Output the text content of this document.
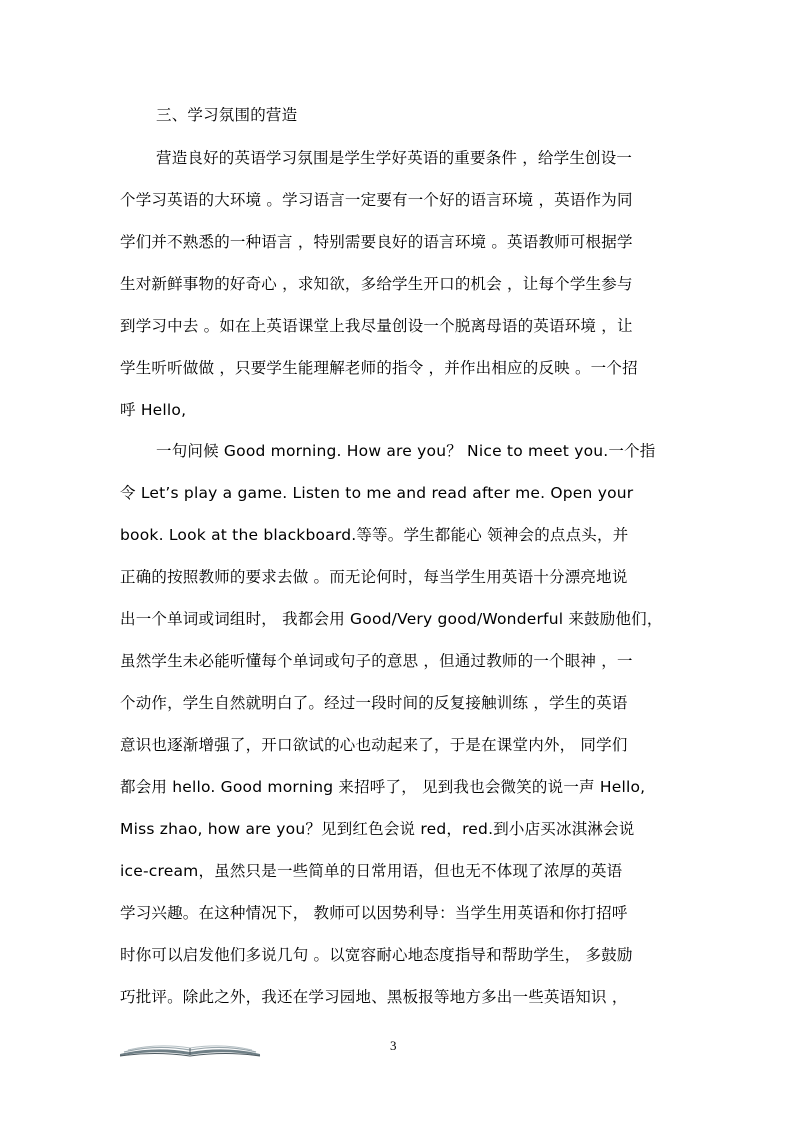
三、学习氛围的营造
营造良好的英语学习氛围是学生学好英语的重要条件 ，给学生创设一
个学习英语的大环境 。学习语言一定要有一个好的语言环境 ，英语作为同
学们并不熟悉的一种语言 ，特别需要良好的语言环境 。英语教师可根据学
生对新鲜事物的好奇心 ，求知欲，多给学生开口的机会 ，让每个学生参与
到学习中去 。如在上英语课堂上我尽量创设一个脱离母语的英语环境 ，让
学生听听做做 ，只要学生能理解老师的指令 ，并作出相应的反映 。一个招
呼 Hello,
一句问候 Good morning. How are you？ Nice to meet you.一个指
令 Let’s play a game. Listen to me and read after me. Open your
book. Look at the blackboard.等等。学生都能心 领神会的点点头，并
正确的按照教师的要求去做 。而无论何时，每当学生用英语十分漂亮地说
出一个单词或词组时， 我都会用 Good/Very good/Wonderful 来鼓励他们，
虽然学生未必能听懂每个单词或句子的意思 ，但通过教师的一个眼神 ，一
个动作，学生自然就明白了。经过一段时间的反复接触训练 ，学生的英语
意识也逐渐增强了，开口欲试的心也动起来了，于是在课堂内外， 同学们
都会用 hello. Good morning 来招呼了， 见到我也会微笑的说一声 Hello,
Miss zhao, how are you？见到红色会说 red，red.到小店买冰淇淋会说
ice-cream，虽然只是一些简单的日常用语，但也无不体现了浓厚的英语
学习兴趣。在这种情况下， 教师可以因势利导：当学生用英语和你打招呼
时你可以启发他们多说几句 。以宽容耐心地态度指导和帮助学生， 多鼓励
巧批评。除此之外，我还在学习园地、黑板报等地方多出一些英语知识 ，
3
